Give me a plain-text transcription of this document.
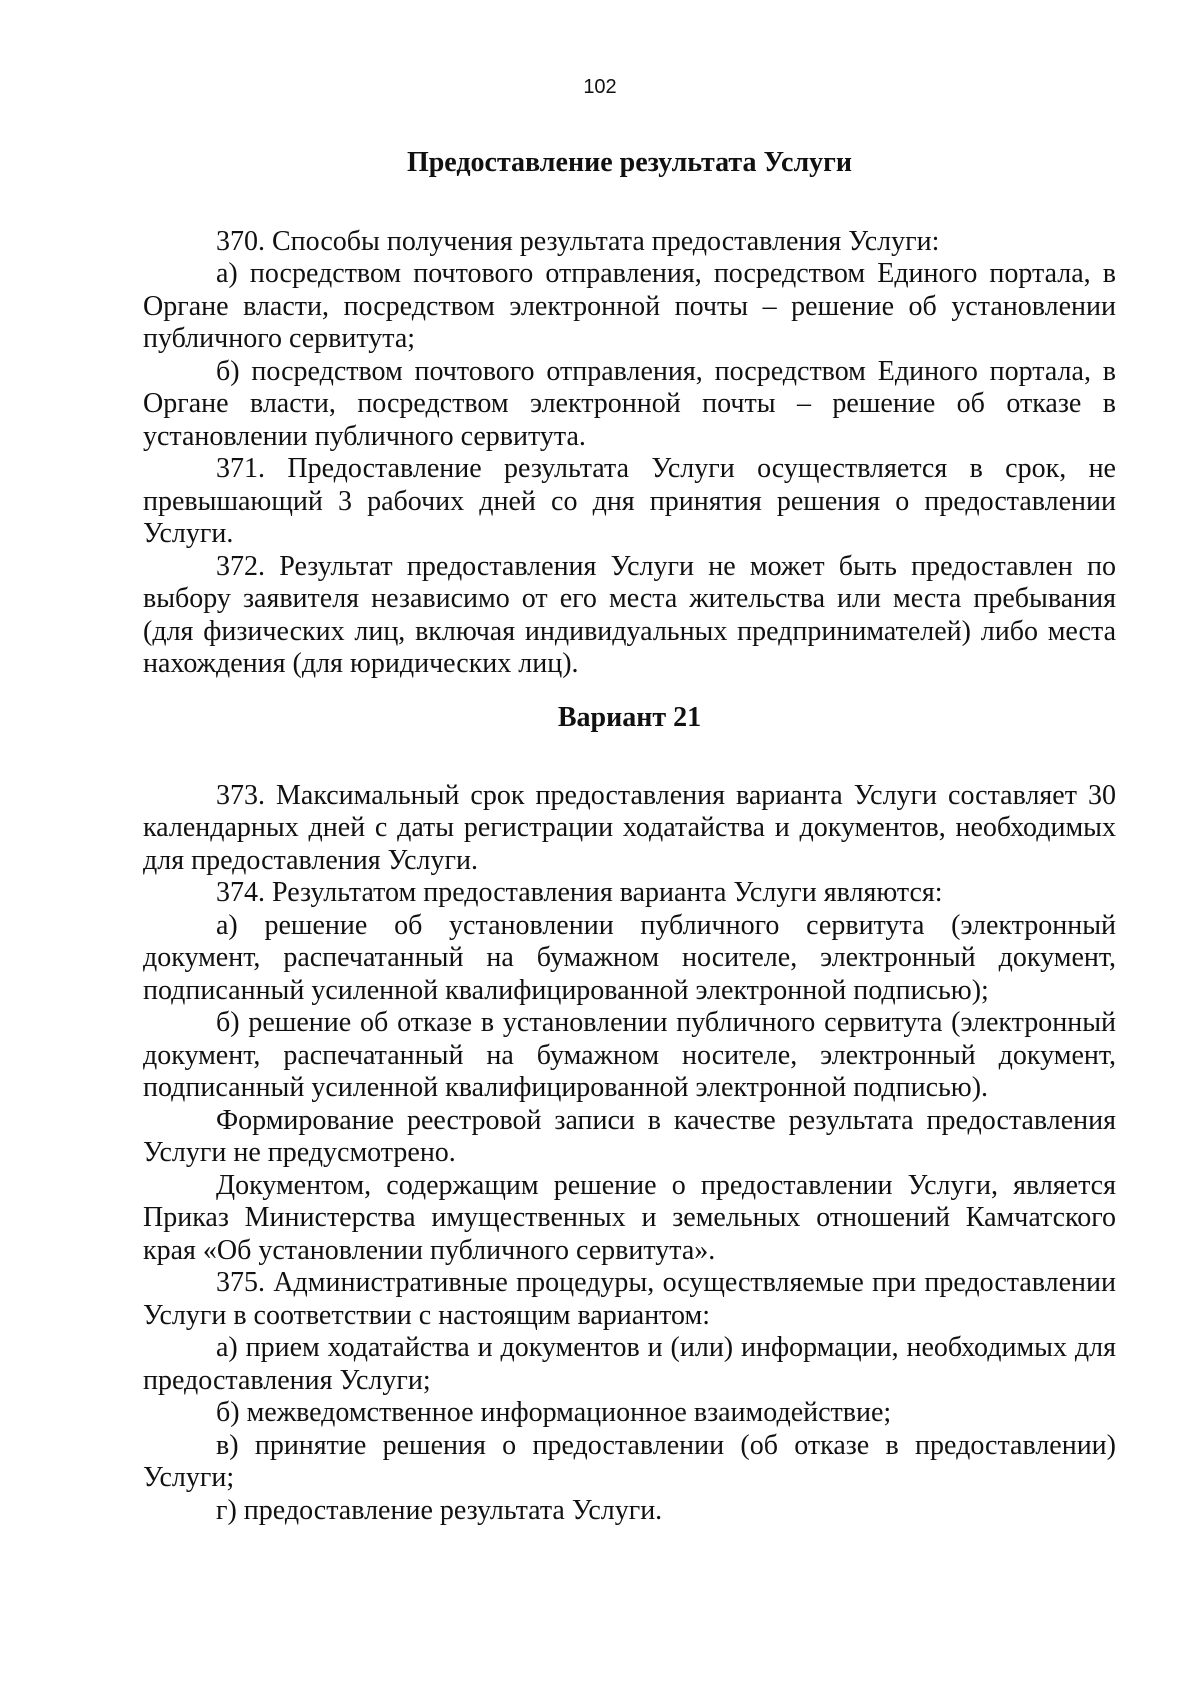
102

Предоставление результата Услуги

370. Способы получения результата предоставления Услуги:

а) посредством почтового отправления, посредством Единого портала, в Органе власти, посредством электронной почты – решение об установлении публичного сервитута;

б) посредством почтового отправления, посредством Единого портала, в Органе власти, посредством электронной почты – решение об отказе в установлении публичного сервитута.

371. Предоставление результата Услуги осуществляется в срок, не превышающий 3 рабочих дней со дня принятия решения о предоставлении Услуги.

372. Результат предоставления Услуги не может быть предоставлен по выбору заявителя независимо от его места жительства или места пребывания (для физических лиц, включая индивидуальных предпринимателей) либо места нахождения (для юридических лиц).

Вариант 21

373. Максимальный срок предоставления варианта Услуги составляет 30 календарных дней с даты регистрации ходатайства и документов, необходимых для предоставления Услуги.

374. Результатом предоставления варианта Услуги являются:

а) решение об установлении публичного сервитута (электронный документ, распечатанный на бумажном носителе, электронный документ, подписанный усиленной квалифицированной электронной подписью);

б) решение об отказе в установлении публичного сервитута (электронный документ, распечатанный на бумажном носителе, электронный документ, подписанный усиленной квалифицированной электронной подписью).

Формирование реестровой записи в качестве результата предоставления Услуги не предусмотрено.

Документом, содержащим решение о предоставлении Услуги, является Приказ Министерства имущественных и земельных отношений Камчатского края «Об установлении публичного сервитута».

375. Административные процедуры, осуществляемые при предоставлении Услуги в соответствии с настоящим вариантом:

а) прием ходатайства и документов и (или) информации, необходимых для предоставления Услуги;

б) межведомственное информационное взаимодействие;

в) принятие решения о предоставлении (об отказе в предоставлении) Услуги;

г) предоставление результата Услуги.
